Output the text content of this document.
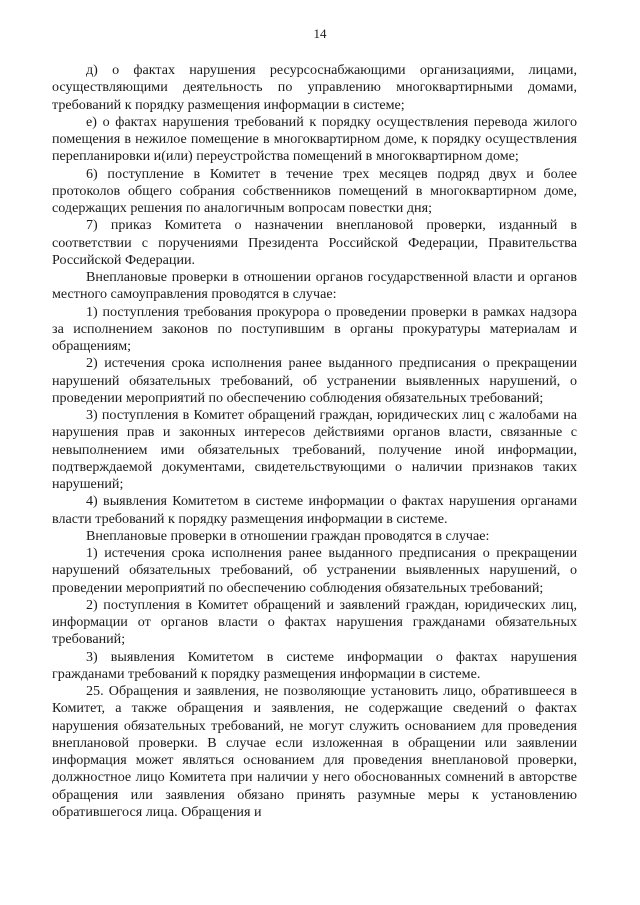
14

д) о фактах нарушения ресурсоснабжающими организациями, лицами, осуществляющими деятельность по управлению многоквартирными домами, требований к порядку размещения информации в системе;

е) о фактах нарушения требований к порядку осуществления перевода жилого помещения в нежилое помещение в многоквартирном доме, к порядку осуществления перепланировки и(или) переустройства помещений в многоквартирном доме;

6) поступление в Комитет в течение трех месяцев подряд двух и более протоколов общего собрания собственников помещений в многоквартирном доме, содержащих решения по аналогичным вопросам повестки дня;

7) приказ Комитета о назначении внеплановой проверки, изданный в соответствии с поручениями Президента Российской Федерации, Правительства Российской Федерации.

Внеплановые проверки в отношении органов государственной власти и органов местного самоуправления проводятся в случае:

1) поступления требования прокурора о проведении проверки в рамках надзора за исполнением законов по поступившим в органы прокуратуры материалам и обращениям;

2) истечения срока исполнения ранее выданного предписания о прекращении нарушений обязательных требований, об устранении выявленных нарушений, о проведении мероприятий по обеспечению соблюдения обязательных требований;

3) поступления в Комитет обращений граждан, юридических лиц с жалобами на нарушения прав и законных интересов действиями органов власти, связанные с невыполнением ими обязательных требований, получение иной информации, подтверждаемой документами, свидетельствующими о наличии признаков таких нарушений;

4) выявления Комитетом в системе информации о фактах нарушения органами власти требований к порядку размещения информации в системе.

Внеплановые проверки в отношении граждан проводятся в случае:

1) истечения срока исполнения ранее выданного предписания о прекращении нарушений обязательных требований, об устранении выявленных нарушений, о проведении мероприятий по обеспечению соблюдения обязательных требований;

2) поступления в Комитет обращений и заявлений граждан, юридических лиц, информации от органов власти о фактах нарушения гражданами обязательных требований;

3) выявления Комитетом в системе информации о фактах нарушения гражданами требований к порядку размещения информации в системе.

25. Обращения и заявления, не позволяющие установить лицо, обратившееся в Комитет, а также обращения и заявления, не содержащие сведений о фактах нарушения обязательных требований, не могут служить основанием для проведения внеплановой проверки. В случае если изложенная в обращении или заявлении информация может являться основанием для проведения внеплановой проверки, должностное лицо Комитета при наличии у него обоснованных сомнений в авторстве обращения или заявления обязано принять разумные меры к установлению обратившегося лица. Обращения и
